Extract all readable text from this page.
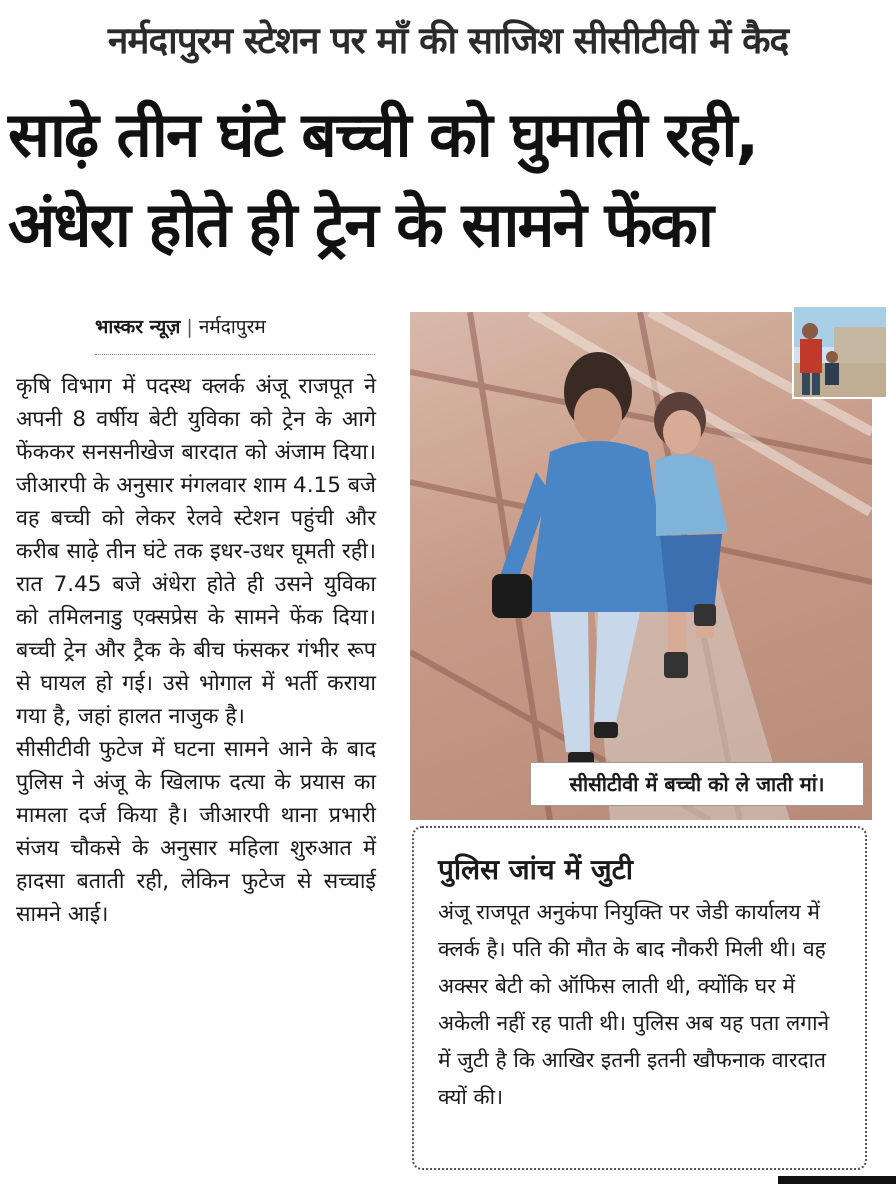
नर्मदापुरम स्टेशन पर माँ की साजिश सीसीटीवी में कैद
साढ़े तीन घंटे बच्ची को घुमाती रही,
अंधेरा होते ही ट्रेन के सामने फेंका
भास्कर न्यूज़ | नर्मदापुरम

कृषि विभाग में पदस्थ क्लर्क अंजू राजपूत ने अपनी 8 वर्षीय बेटी युविका को ट्रेन के आगे फेंककर सनसनीखेज बारदात को अंजाम दिया। जीआरपी के अनुसार मंगलवार शाम 4.15 बजे वह बच्ची को लेकर रेलवे स्टेशन पहुंची और करीब साढ़े तीन घंटे तक इधर-उधर घूमती रही। रात 7.45 बजे अंधेरा होते ही उसने युविका को तमिलनाडु एक्सप्रेस के सामने फेंक दिया। बच्ची ट्रेन और ट्रैक के बीच फंसकर गंभीर रूप से घायल हो गई। उसे भोगाल में भर्ती कराया गया है, जहां हालत नाजुक है।

सीसीटीवी फुटेज में घटना सामने आने के बाद पुलिस ने अंजू के खिलाफ दत्या के प्रयास का मामला दर्ज किया है। जीआरपी थाना प्रभारी संजय चौकसे के अनुसार महिला शुरुआत में हादसा बताती रही, लेकिन फुटेज से सच्चाई सामने आई।

सीसीटीवी में बच्ची को ले जाती मां।
पुलिस जांच में जुटी
अंजू राजपूत अनुकंपा नियुक्ति पर जेडी कार्यालय में क्लर्क है। पति की मौत के बाद नौकरी मिली थी। वह अक्सर बेटी को ऑफिस लाती थी, क्योंकि घर में अकेली नहीं रह पाती थी। पुलिस अब यह पता लगाने में जुटी है कि आखिर इतनी इतनी खौफनाक वारदात क्यों की।
